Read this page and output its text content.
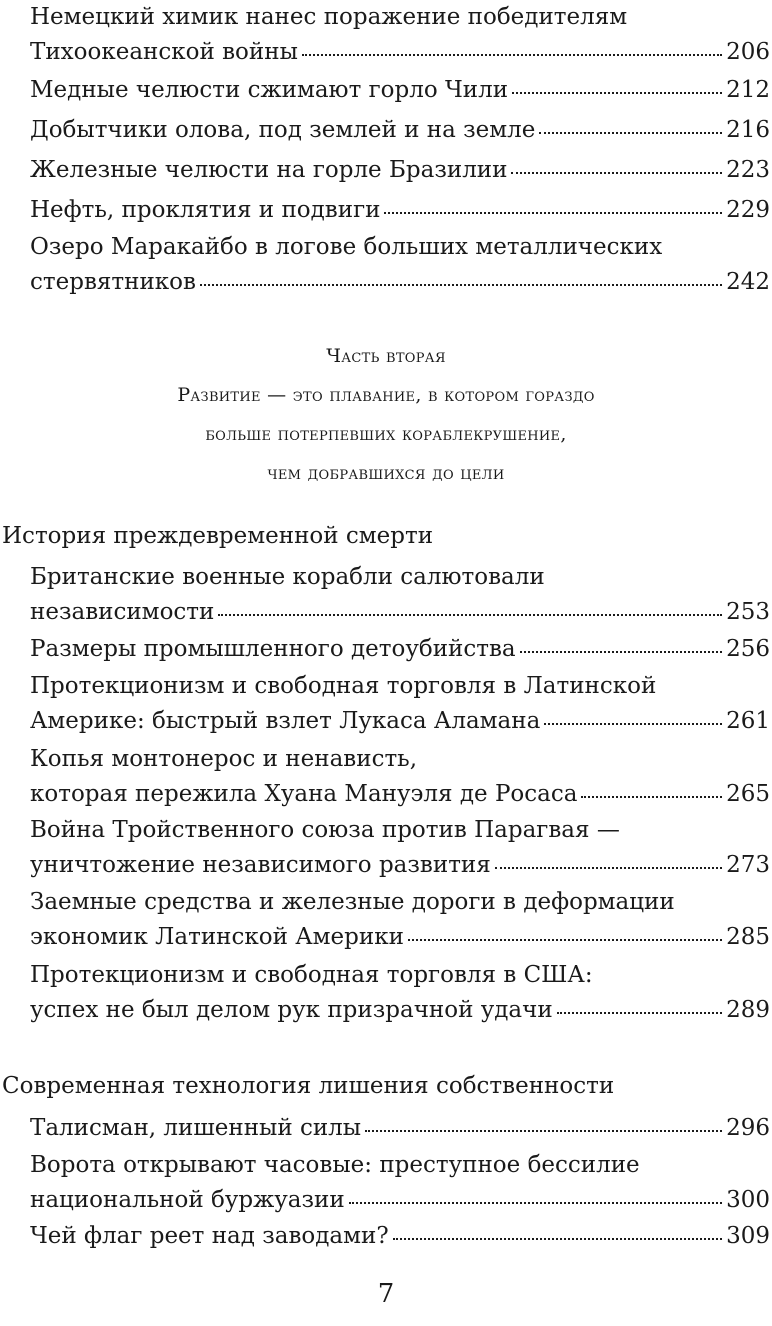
Немецкий химик нанес поражение победителям
Тихоокеанской войны	206
Медные челюсти сжимают горло Чили	212
Добытчики олова, под землей и на земле	216
Железные челюсти на горле Бразилии	223
Нефть, проклятия и подвиги	229
Озеро Маракайбо в логове больших металлических
стервятников	242
Часть вторая
Развитие — это плавание, в котором гораздо
больше потерпевших кораблекрушение,
чем добравшихся до цели
История преждевременной смерти
Британские военные корабли салютовали
независимости	253
Размеры промышленного детоубийства	256
Протекционизм и свободная торговля в Латинской
Америке: быстрый взлет Лукаса Аламана	261
Копья монтонерос и ненависть,
которая пережила Хуана Мануэля де Росаса	265
Война Тройственного союза против Парагвая —
уничтожение независимого развития	273
Заемные средства и железные дороги в деформации
экономик Латинской Америки	285
Протекционизм и свободная торговля в США:
успех не был делом рук призрачной удачи	289
Современная технология лишения собственности
Талисман, лишенный силы	296
Ворота открывают часовые: преступное бессилие
национальной буржуазии	300
Чей флаг реет над заводами?	309
7
